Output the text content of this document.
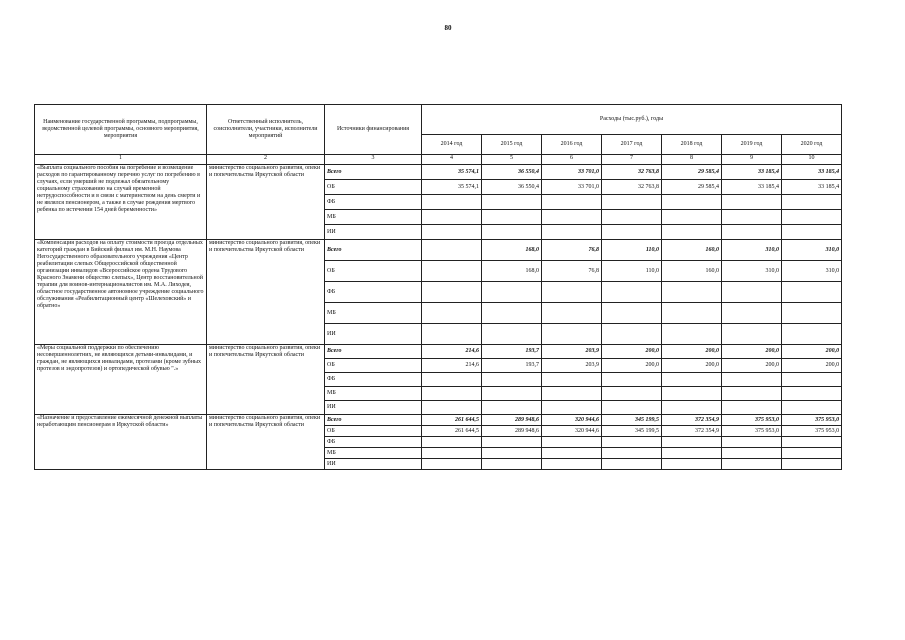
80
Наименование государственной программы, подпрограммы, ведомственной целевой программы, основного мероприятия, мероприятия	Ответственный исполнитель, соисполнители, участники, исполнители мероприятий	Источники финансирования	Расходы (тыс.руб.), годы						
			2014 год	2015 год	2016 год	2017 год	2018 год	2019 год	2020 год
1	2	3	4	5	6	7	8	9	10
«Выплата социального пособия на погребение и возмещение расходов по гарантированному перечню услуг по погребению в случаях, если умерший не подлежал обязательному социальному страхованию на случай временной нетрудоспособности и в связи с материнством на день смерти и не являлся пенсионером, а также в случае рождения мертвого ребенка по истечении 154 дней беременности»	министерство социального развития, опеки и попечительства Иркутской области	Всего	35 574,1	36 550,4	33 701,0	32 763,8	29 585,4	33 185,4	33 185,4
		ОБ	35 574,1	36 550,4	33 701,0	32 763,8	29 585,4	33 185,4	33 185,4
		ФБ							
		МБ							
		ИИ							
«Компенсация расходов на оплату стоимости проезда отдельных категорий граждан в Бийский филиал им. М.Н. Наумова Негосударственного образовательного учреждения «Центр реабилитации слепых Общероссийской общественной организации инвалидов «Всероссийское ордена Трудового Красного Знамени общество слепых», Центр восстановительной терапии для воинов-интернационалистов им. М.А. Лиходея, областное государственное автономное учреждение социального обслуживания «Реабилитационный центр «Шелеховский» и обратно»	министерство социального развития, опеки и попечительства Иркутской области	Всего		168,0	76,8	110,0	160,0	310,0	310,0
		ОБ		168,0	76,8	110,0	160,0	310,0	310,0
		ФБ							
		МБ							
		ИИ							
«Меры социальной поддержки по обеспечению несовершеннолетних, не являющихся детьми-инвалидами, и граждан, не являющихся инвалидами, протезами (кроме зубных протезов и эндопротезов) и ортопедической обувью ".»	министерство социального развития, опеки и попечительства Иркутской области	Всего	214,6	193,7	203,9	200,0	200,0	200,0	200,0
		ОБ	214,6	193,7	203,9	200,0	200,0	200,0	200,0
		ФБ							
		МБ							
		ИИ							
«Назначение и предоставление ежемесячной денежной выплаты неработающим пенсионерам в Иркутской области»	министерство социального развития, опеки и попечительства Иркутской области	Всего	261 644,5	289 948,6	320 944,6	345 199,5	372 354,9	375 953,0	375 953,0
		ОБ	261 644,5	289 948,6	320 944,6	345 199,5	372 354,9	375 953,0	375 953,0
		ФБ							
		МБ							
		ИИ							
